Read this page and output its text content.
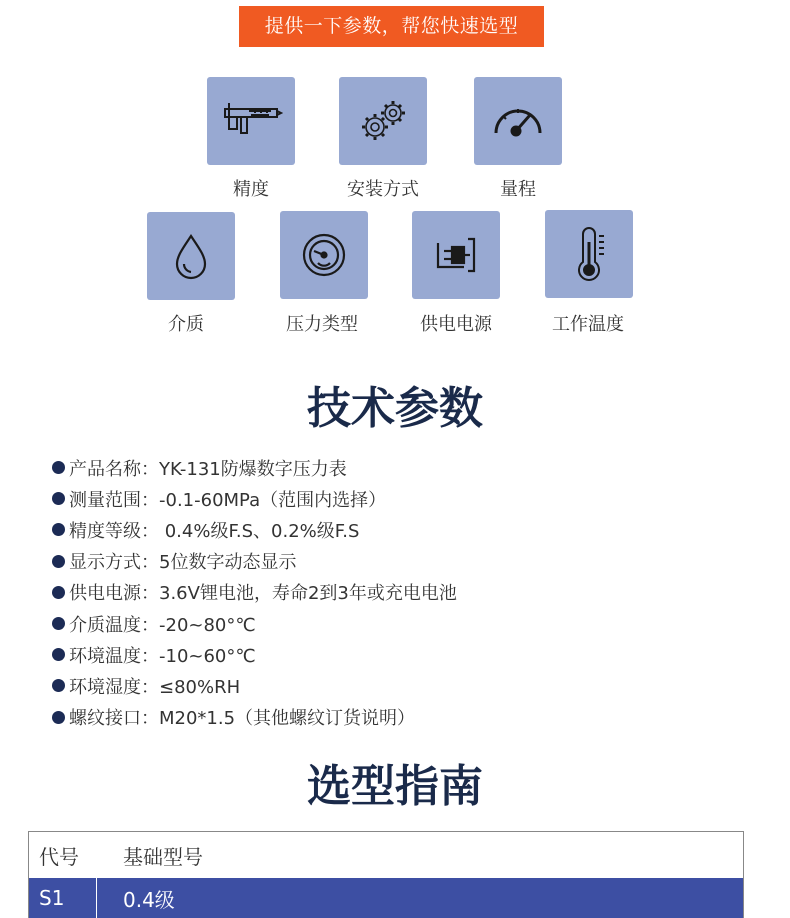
提供一下参数，帮您快速选型
精度	安装方式	量程
介质	压力类型	供电电源	工作温度
技术参数
产品名称：YK-131防爆数字压力表
测量范围：-0.1-60MPa（范围内选择）
精度等级： 0.4%级F.S、0.2%级F.S
显示方式：5位数字动态显示
供电电源：3.6V锂电池，寿命2到3年或充电电池
介质温度：-20~80°℃
环境温度：-10~60°℃
环境湿度：≤80%RH
螺纹接口：M20*1.5（其他螺纹订货说明）
选型指南
代号	基础型号
S1	0.4级
